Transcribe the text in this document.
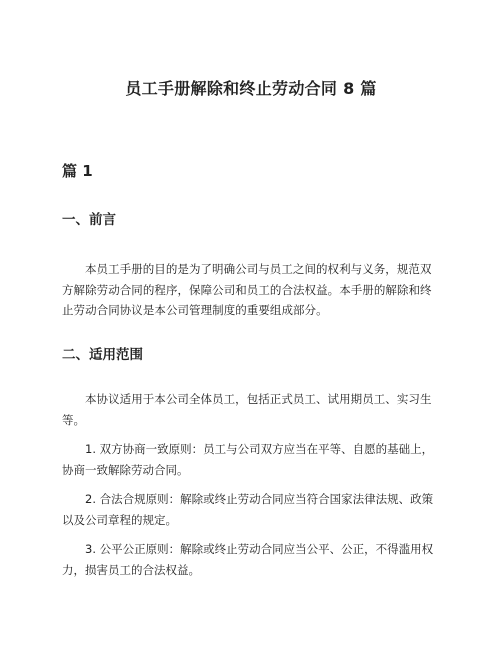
员工手册解除和终止劳动合同 8 篇
篇 1
一、前言
本员工手册的目的是为了明确公司与员工之间的权利与义务，规范双方解除劳动合同的程序，保障公司和员工的合法权益。本手册的解除和终止劳动合同协议是本公司管理制度的重要组成部分。
二、适用范围
本协议适用于本公司全体员工，包括正式员工、试用期员工、实习生等。
1. 双方协商一致原则：员工与公司双方应当在平等、自愿的基础上，协商一致解除劳动合同。
2. 合法合规原则：解除或终止劳动合同应当符合国家法律法规、政策以及公司章程的规定。
3. 公平公正原则：解除或终止劳动合同应当公平、公正，不得滥用权力，损害员工的合法权益。
